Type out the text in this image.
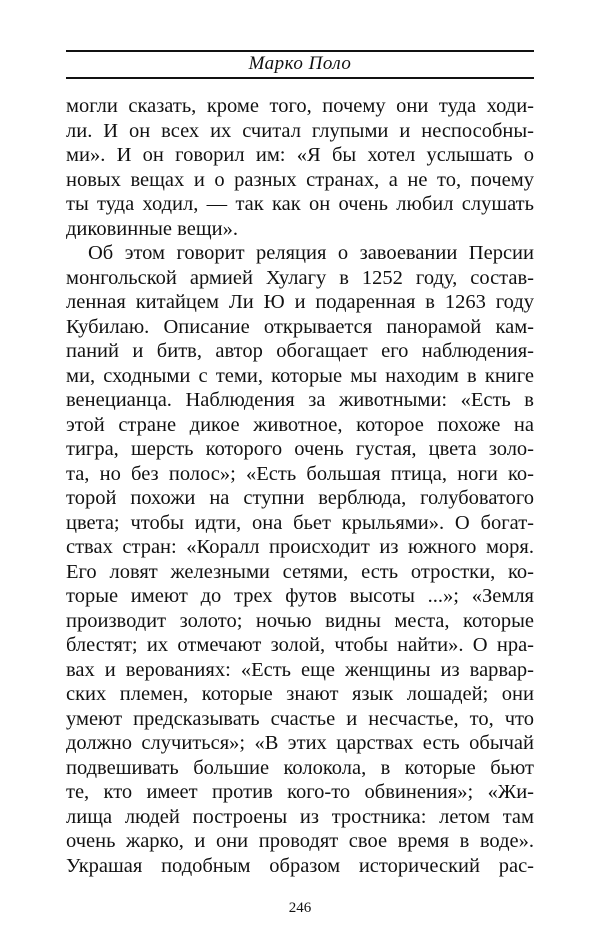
Марко Поло
могли сказать, кроме того, почему они туда ходи-
ли. И он всех их считал глупыми и неспособны-
ми». И он говорил им: «Я бы хотел услышать о
новых вещах и о разных странах, а не то, почему
ты туда ходил, — так как он очень любил слушать
диковинные вещи».
Об этом говорит реляция о завоевании Персии
монгольской армией Хулагу в 1252 году, состав-
ленная китайцем Ли Ю и подаренная в 1263 году
Кубилаю. Описание открывается панорамой кам-
паний и битв, автор обогащает его наблюдения-
ми, сходными с теми, которые мы находим в книге
венецианца. Наблюдения за животными: «Есть в
этой стране дикое животное, которое похоже на
тигра, шерсть которого очень густая, цвета золо-
та, но без полос»; «Есть большая птица, ноги ко-
торой похожи на ступни верблюда, голубоватого
цвета; чтобы идти, она бьет крыльями». О богат-
ствах стран: «Коралл происходит из южного моря.
Его ловят железными сетями, есть отростки, ко-
торые имеют до трех футов высоты ...»; «Земля
производит золото; ночью видны места, которые
блестят; их отмечают золой, чтобы найти». О нра-
вах и верованиях: «Есть еще женщины из варвар-
ских племен, которые знают язык лошадей; они
умеют предсказывать счастье и несчастье, то, что
должно случиться»; «В этих царствах есть обычай
подвешивать большие колокола, в которые бьют
те, кто имеет против кого-то обвинения»; «Жи-
лища людей построены из тростника: летом там
очень жарко, и они проводят свое время в воде».
Украшая подобным образом исторический рас-
246
